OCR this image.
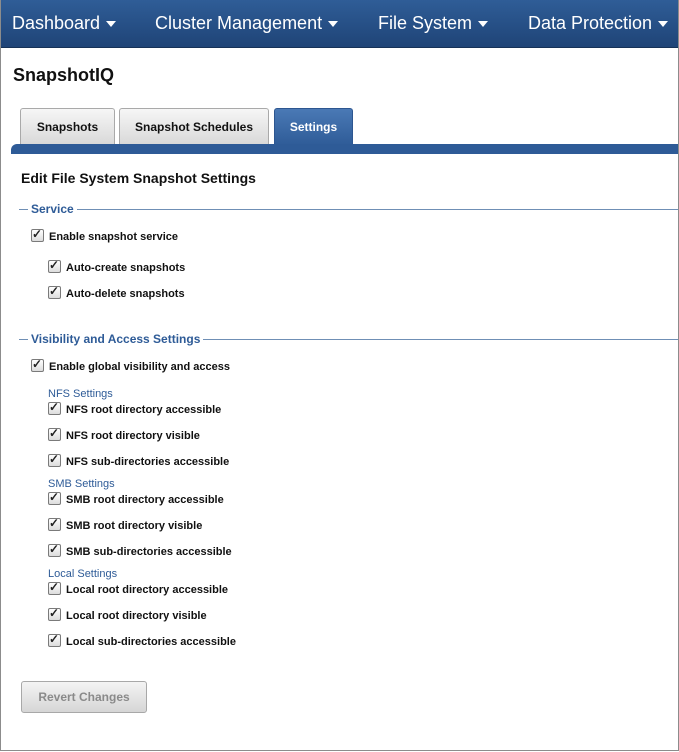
Dashboard	Cluster Management	File System	Data Protection
SnapshotIQ
Snapshots	Snapshot Schedules	Settings
Edit File System Snapshot Settings
Service
✓ Enable snapshot service
✓ Auto-create snapshots
✓ Auto-delete snapshots
Visibility and Access Settings
✓ Enable global visibility and access
NFS Settings
✓ NFS root directory accessible
✓ NFS root directory visible
✓ NFS sub-directories accessible
SMB Settings
✓ SMB root directory accessible
✓ SMB root directory visible
✓ SMB sub-directories accessible
Local Settings
✓ Local root directory accessible
✓ Local root directory visible
✓ Local sub-directories accessible
Revert Changes
